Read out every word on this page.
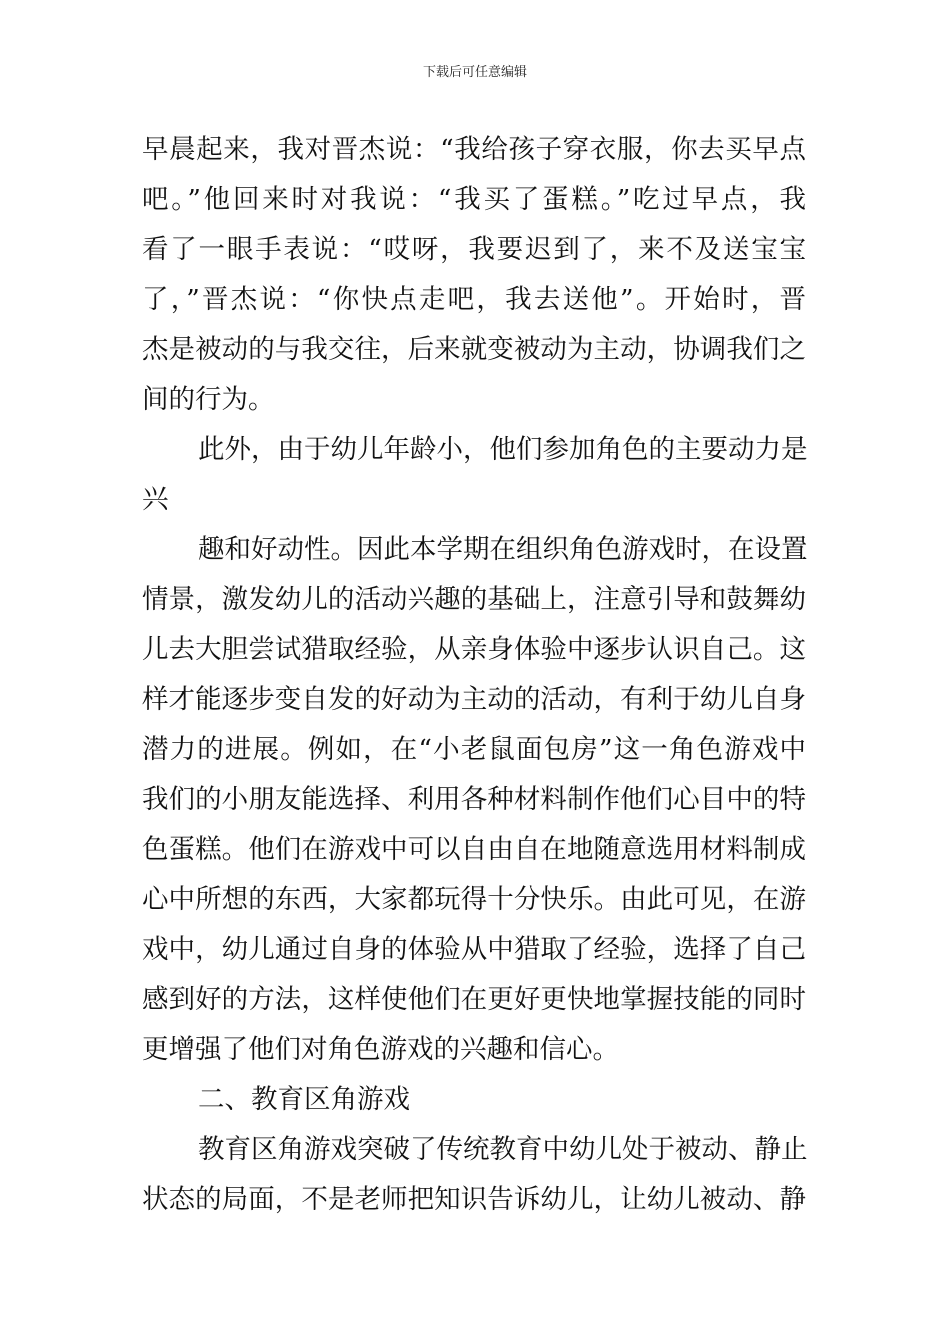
下载后可任意编辑
早晨起来，我对晋杰说：“我给孩子穿衣服，你去买早点
吧。”他回来时对我说：“我买了蛋糕。”吃过早点，我
看了一眼手表说：“哎呀，我要迟到了，来不及送宝宝
了，”晋杰说：“你快点走吧，我去送他”。开始时，晋
杰是被动的与我交往，后来就变被动为主动，协调我们之
间的行为。
此外，由于幼儿年龄小，他们参加角色的主要动力是
兴
趣和好动性。因此本学期在组织角色游戏时，在设置
情景，激发幼儿的活动兴趣的基础上，注意引导和鼓舞幼
儿去大胆尝试猎取经验，从亲身体验中逐步认识自己。这
样才能逐步变自发的好动为主动的活动，有利于幼儿自身
潜力的进展。例如，在“小老鼠面包房”这一角色游戏中
我们的小朋友能选择、利用各种材料制作他们心目中的特
色蛋糕。他们在游戏中可以自由自在地随意选用材料制成
心中所想的东西，大家都玩得十分快乐。由此可见，在游
戏中，幼儿通过自身的体验从中猎取了经验，选择了自己
感到好的方法，这样使他们在更好更快地掌握技能的同时
更增强了他们对角色游戏的兴趣和信心。
二、教育区角游戏
教育区角游戏突破了传统教育中幼儿处于被动、静止
状态的局面，不是老师把知识告诉幼儿，让幼儿被动、静
